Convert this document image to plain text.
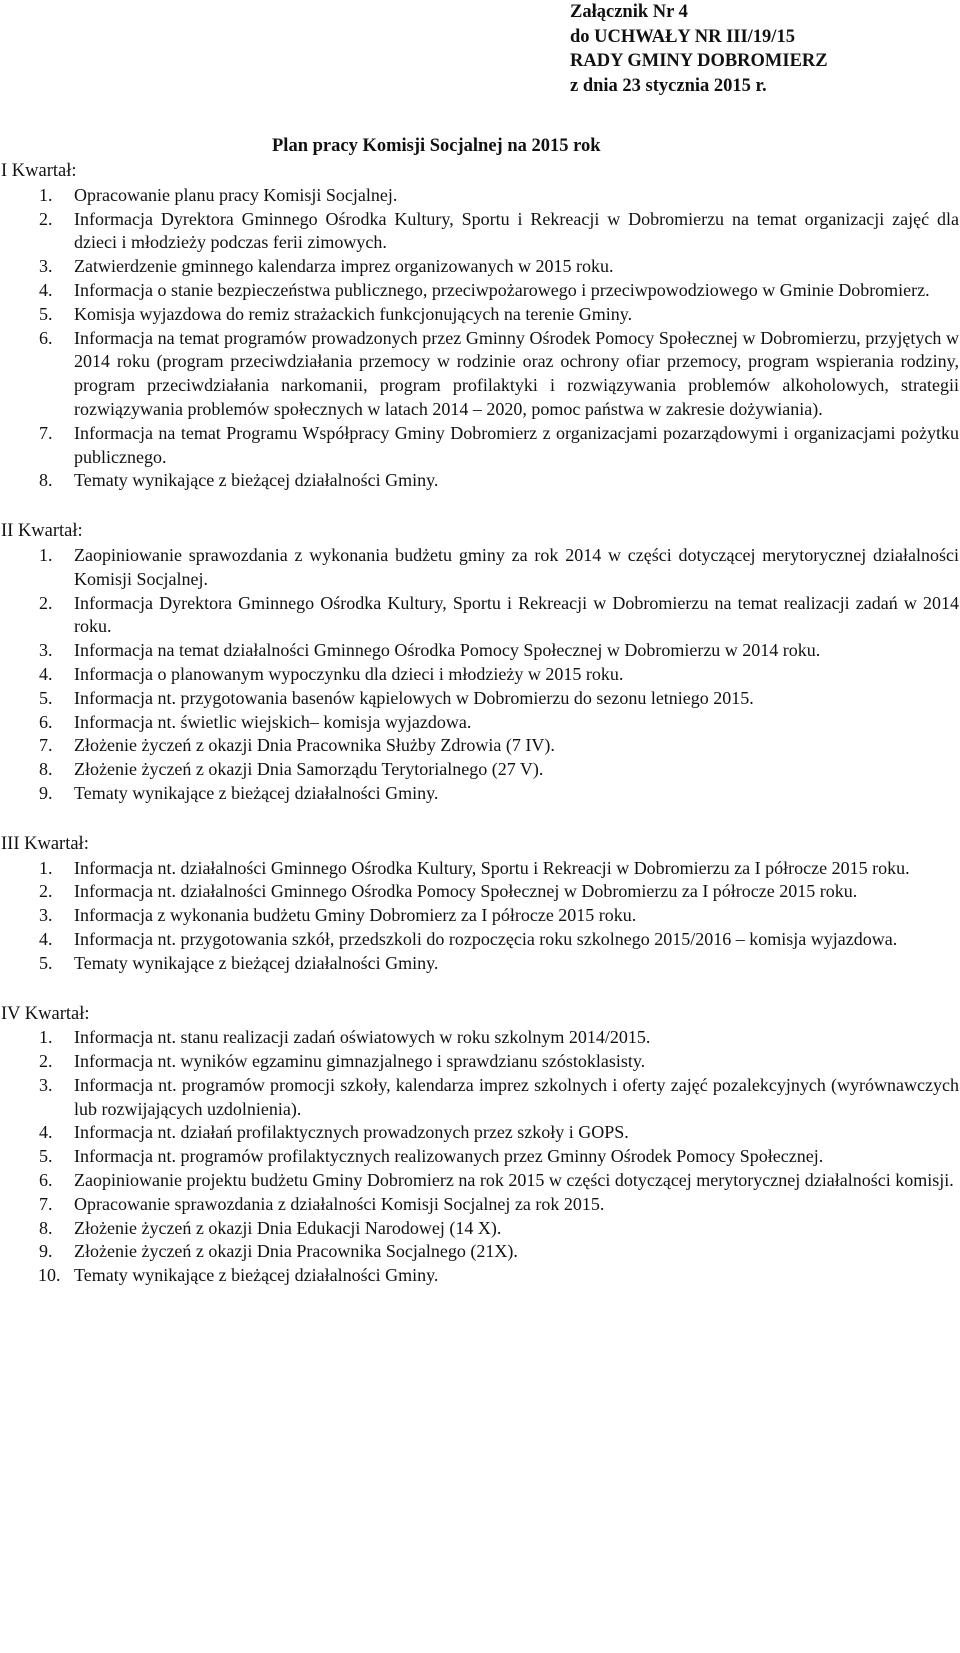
Załącznik Nr 4
do UCHWAŁY NR III/19/15
RADY GMINY DOBROMIERZ
z dnia 23 stycznia 2015 r.
Plan pracy Komisji Socjalnej na 2015 rok
I Kwartał:
1. Opracowanie planu pracy Komisji Socjalnej.
2. Informacja Dyrektora Gminnego Ośrodka Kultury, Sportu i Rekreacji w Dobromierzu na temat organizacji zajęć dla dzieci i młodzieży podczas ferii zimowych.
3. Zatwierdzenie gminnego kalendarza imprez organizowanych w 2015 roku.
4. Informacja o stanie bezpieczeństwa publicznego, przeciwpożarowego i przeciwpowodziowego w Gminie Dobromierz.
5. Komisja wyjazdowa do remiz strażackich funkcjonujących na terenie Gminy.
6. Informacja na temat programów prowadzonych przez Gminny Ośrodek Pomocy Społecznej w Dobromierzu, przyjętych w 2014 roku (program przeciwdziałania przemocy w rodzinie oraz ochrony ofiar przemocy, program wspierania rodziny, program przeciwdziałania narkomanii, program profilaktyki i rozwiązywania problemów alkoholowych, strategii rozwiązywania problemów społecznych w latach 2014 – 2020, pomoc państwa w zakresie dożywiania).
7. Informacja na temat Programu Współpracy Gminy Dobromierz z organizacjami pozarządowymi i organizacjami pożytku publicznego.
8. Tematy wynikające z bieżącej działalności Gminy.
II Kwartał:
1. Zaopiniowanie sprawozdania z wykonania budżetu gminy za rok 2014 w części dotyczącej merytorycznej działalności Komisji Socjalnej.
2. Informacja Dyrektora Gminnego Ośrodka Kultury, Sportu i Rekreacji w Dobromierzu na temat realizacji zadań w 2014 roku.
3. Informacja na temat działalności Gminnego Ośrodka Pomocy Społecznej w Dobromierzu w 2014 roku.
4. Informacja o planowanym wypoczynku dla dzieci i młodzieży w 2015 roku.
5. Informacja nt. przygotowania basenów kąpielowych w Dobromierzu do sezonu letniego 2015.
6. Informacja nt. świetlic wiejskich– komisja wyjazdowa.
7. Złożenie życzeń z okazji Dnia Pracownika Służby Zdrowia (7 IV).
8. Złożenie życzeń z okazji Dnia Samorządu Terytorialnego (27 V).
9. Tematy wynikające z bieżącej działalności Gminy.
III Kwartał:
1. Informacja nt. działalności Gminnego Ośrodka Kultury, Sportu i Rekreacji w Dobromierzu za I półrocze 2015 roku.
2. Informacja nt. działalności Gminnego Ośrodka Pomocy Społecznej w Dobromierzu za I półrocze 2015 roku.
3. Informacja z wykonania budżetu Gminy Dobromierz za I półrocze 2015 roku.
4. Informacja nt. przygotowania szkół, przedszkoli do rozpoczęcia roku szkolnego 2015/2016 – komisja wyjazdowa.
5. Tematy wynikające z bieżącej działalności Gminy.
IV Kwartał:
1. Informacja nt. stanu realizacji zadań oświatowych w roku szkolnym 2014/2015.
2. Informacja nt. wyników egzaminu gimnazjalnego i sprawdzianu szóstoklasisty.
3. Informacja nt. programów promocji szkoły, kalendarza imprez szkolnych i oferty zajęć pozalekcyjnych (wyrównawczych lub rozwijających uzdolnienia).
4. Informacja nt. działań profilaktycznych prowadzonych przez szkoły i GOPS.
5. Informacja nt. programów profilaktycznych realizowanych przez Gminny Ośrodek Pomocy Społecznej.
6. Zaopiniowanie projektu budżetu Gminy Dobromierz na rok 2015 w części dotyczącej merytorycznej działalności komisji.
7. Opracowanie sprawozdania z działalności Komisji Socjalnej za rok 2015.
8. Złożenie życzeń z okazji Dnia Edukacji Narodowej (14 X).
9. Złożenie życzeń z okazji Dnia Pracownika Socjalnego (21X).
10. Tematy wynikające z bieżącej działalności Gminy.
